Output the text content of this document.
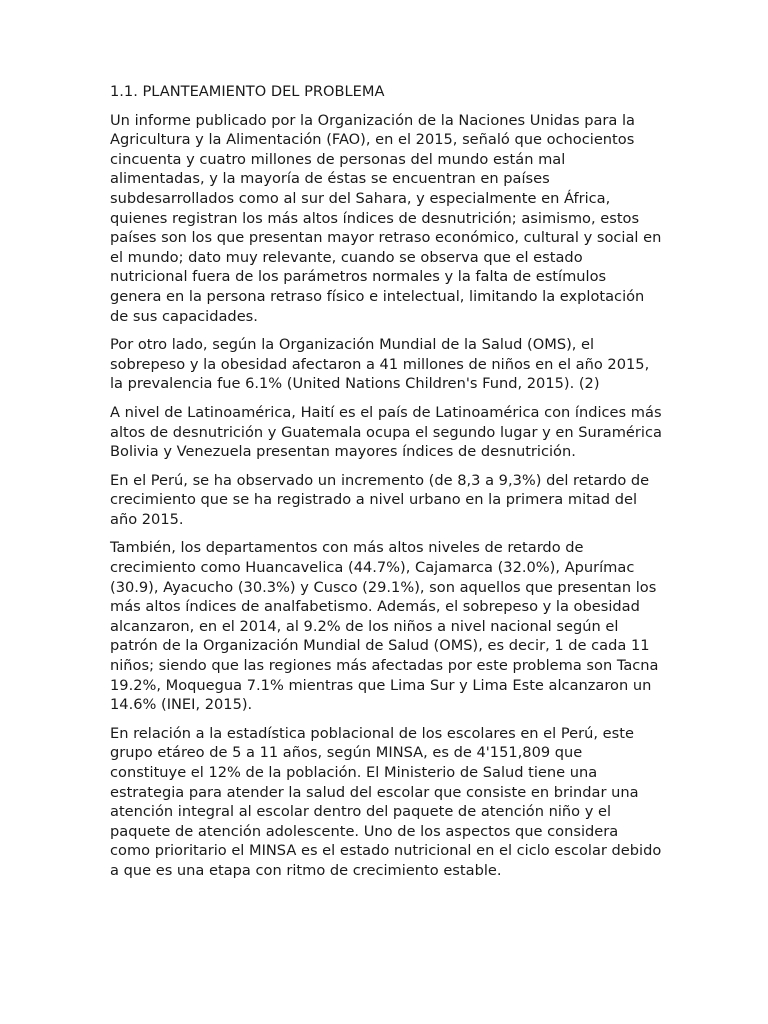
1.1. PLANTEAMIENTO DEL PROBLEMA

Un informe publicado por la Organización de la Naciones Unidas para la Agricultura y la Alimentación (FAO), en el 2015, señaló que ochocientos cincuenta y cuatro millones de personas del mundo están mal alimentadas, y la mayoría de éstas se encuentran en países subdesarrollados como al sur del Sahara, y especialmente en África, quienes registran los más altos índices de desnutrición; asimismo, estos países son los que presentan mayor retraso económico, cultural y social en el mundo; dato muy relevante, cuando se observa que el estado nutricional fuera de los parámetros normales y la falta de estímulos genera en la persona retraso físico e intelectual, limitando la explotación de sus capacidades.

Por otro lado, según la Organización Mundial de la Salud (OMS), el sobrepeso y la obesidad afectaron a 41 millones de niños en el año 2015, la prevalencia fue 6.1% (United Nations Children's Fund, 2015). (2)

A nivel de Latinoamérica, Haití es el país de Latinoamérica con índices más altos de desnutrición y Guatemala ocupa el segundo lugar y en Suramérica Bolivia y Venezuela presentan mayores índices de desnutrición.

En el Perú, se ha observado un incremento (de 8,3 a 9,3%) del retardo de crecimiento que se ha registrado a nivel urbano en la primera mitad del año 2015.

También, los departamentos con más altos niveles de retardo de crecimiento como Huancavelica (44.7%), Cajamarca (32.0%), Apurímac (30.9), Ayacucho (30.3%) y Cusco (29.1%), son aquellos que presentan los más altos índices de analfabetismo. Además, el sobrepeso y la obesidad alcanzaron, en el 2014, al 9.2% de los niños a nivel nacional según el patrón de la Organización Mundial de Salud (OMS), es decir, 1 de cada 11 niños; siendo que las regiones más afectadas por este problema son Tacna 19.2%, Moquegua 7.1% mientras que Lima Sur y Lima Este alcanzaron un 14.6% (INEI, 2015).

En relación a la estadística poblacional de los escolares en el Perú, este grupo etáreo de 5 a 11 años, según MINSA, es de 4'151,809 que constituye el 12% de la población. El Ministerio de Salud tiene una estrategia para atender la salud del escolar que consiste en brindar una atención integral al escolar dentro del paquete de atención niño y el paquete de atención adolescente. Uno de los aspectos que considera como prioritario el MINSA es el estado nutricional en el ciclo escolar debido a que es una etapa con ritmo de crecimiento estable.
